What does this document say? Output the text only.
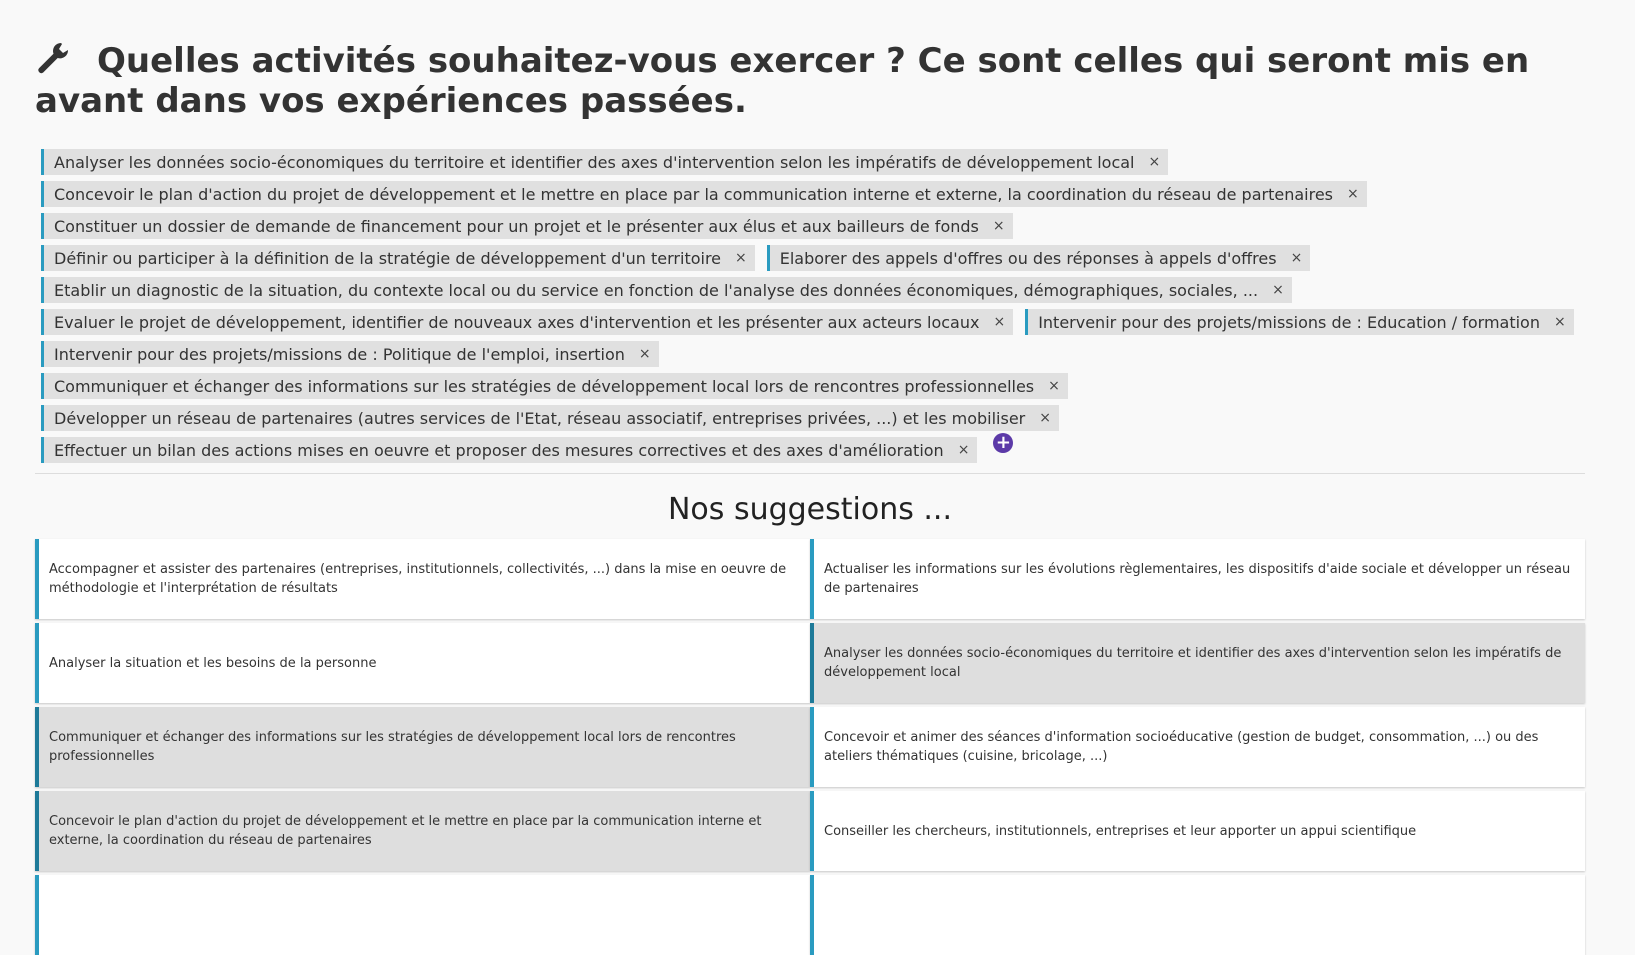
Quelles activités souhaitez-vous exercer ? Ce sont celles qui seront mis en avant dans vos expériences passées.
Analyser les données socio-économiques du territoire et identifier des axes d'intervention selon les impératifs de développement local ×
Concevoir le plan d'action du projet de développement et le mettre en place par la communication interne et externe, la coordination du réseau de partenaires ×
Constituer un dossier de demande de financement pour un projet et le présenter aux élus et aux bailleurs de fonds ×
Définir ou participer à la définition de la stratégie de développement d'un territoire × Elaborer des appels d'offres ou des réponses à appels d'offres ×
Etablir un diagnostic de la situation, du contexte local ou du service en fonction de l'analyse des données économiques, démographiques, sociales, ... ×
Evaluer le projet de développement, identifier de nouveaux axes d'intervention et les présenter aux acteurs locaux × Intervenir pour des projets/missions de : Education / formation ×
Intervenir pour des projets/missions de : Politique de l'emploi, insertion ×
Communiquer et échanger des informations sur les stratégies de développement local lors de rencontres professionnelles ×
Développer un réseau de partenaires (autres services de l'Etat, réseau associatif, entreprises privées, ...) et les mobiliser ×
Effectuer un bilan des actions mises en oeuvre et proposer des mesures correctives et des axes d'amélioration × +
Nos suggestions ...
Accompagner et assister des partenaires (entreprises, institutionnels, collectivités, ...) dans la mise en oeuvre de méthodologie et l'interprétation de résultats
Actualiser les informations sur les évolutions règlementaires, les dispositifs d'aide sociale et développer un réseau de partenaires
Analyser la situation et les besoins de la personne
Analyser les données socio-économiques du territoire et identifier des axes d'intervention selon les impératifs de développement local
Communiquer et échanger des informations sur les stratégies de développement local lors de rencontres professionnelles
Concevoir et animer des séances d'information socioéducative (gestion de budget, consommation, ...) ou des ateliers thématiques (cuisine, bricolage, ...)
Concevoir le plan d'action du projet de développement et le mettre en place par la communication interne et externe, la coordination du réseau de partenaires
Conseiller les chercheurs, institutionnels, entreprises et leur apporter un appui scientifique
